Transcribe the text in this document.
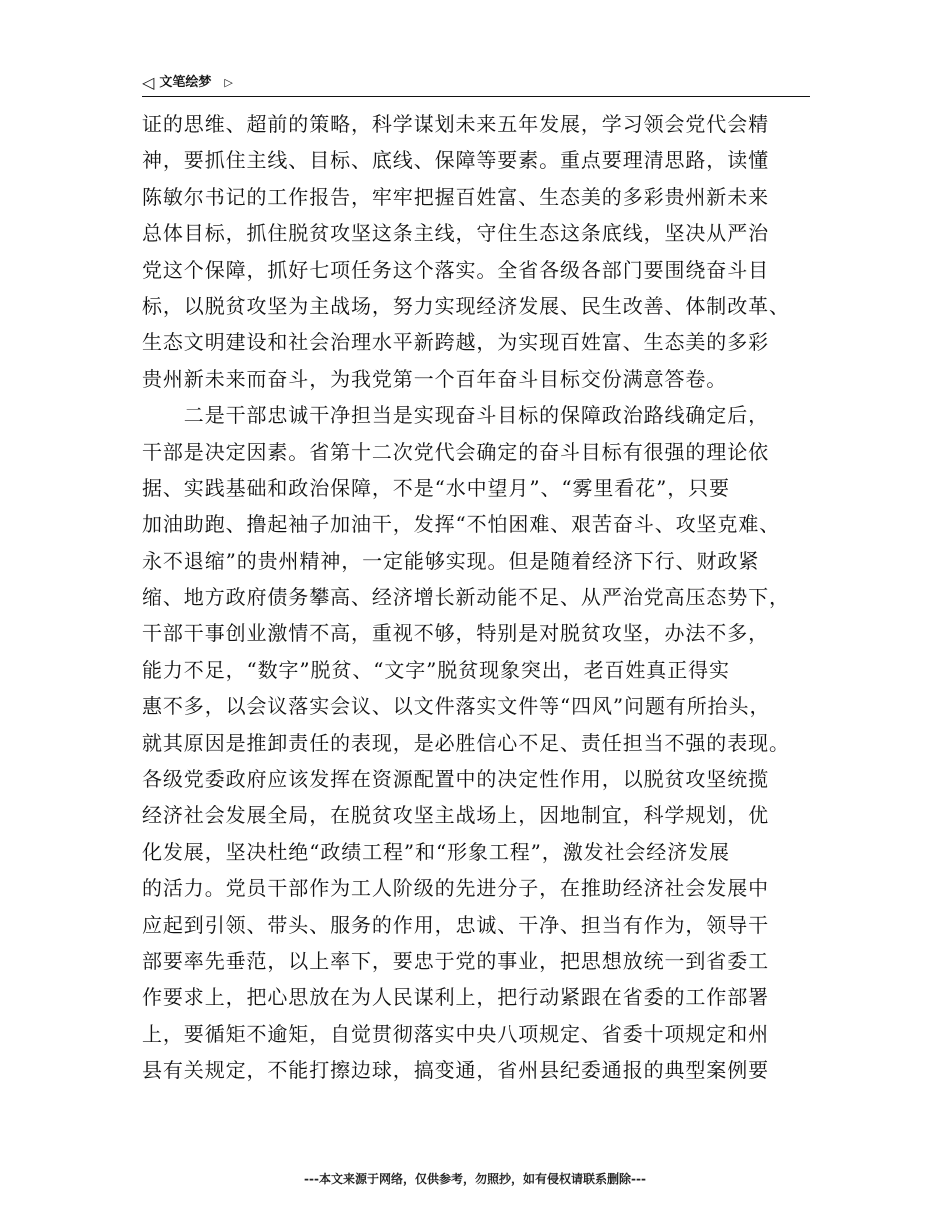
◁ 文笔绘梦 ▷
证的思维、超前的策略，科学谋划未来五年发展，学习领会党代会精
神，要抓住主线、目标、底线、保障等要素。重点要理清思路，读懂
陈敏尔书记的工作报告，牢牢把握百姓富、生态美的多彩贵州新未来
总体目标，抓住脱贫攻坚这条主线，守住生态这条底线，坚决从严治
党这个保障，抓好七项任务这个落实。全省各级各部门要围绕奋斗目
标，以脱贫攻坚为主战场，努力实现经济发展、民生改善、体制改革、
生态文明建设和社会治理水平新跨越，为实现百姓富、生态美的多彩
贵州新未来而奋斗，为我党第一个百年奋斗目标交份满意答卷。
　　二是干部忠诚干净担当是实现奋斗目标的保障政治路线确定后，
干部是决定因素。省第十二次党代会确定的奋斗目标有很强的理论依
据、实践基础和政治保障，不是“水中望月”、“雾里看花”，只要
加油助跑、撸起袖子加油干，发挥“不怕困难、艰苦奋斗、攻坚克难、
永不退缩”的贵州精神，一定能够实现。但是随着经济下行、财政紧
缩、地方政府债务攀高、经济增长新动能不足、从严治党高压态势下，
干部干事创业激情不高，重视不够，特别是对脱贫攻坚，办法不多，
能力不足，“数字”脱贫、“文字”脱贫现象突出，老百姓真正得实
惠不多，以会议落实会议、以文件落实文件等“四风”问题有所抬头，
就其原因是推卸责任的表现，是必胜信心不足、责任担当不强的表现。
各级党委政府应该发挥在资源配置中的决定性作用，以脱贫攻坚统揽
经济社会发展全局，在脱贫攻坚主战场上，因地制宜，科学规划，优
化发展，坚决杜绝“政绩工程”和“形象工程”，激发社会经济发展
的活力。党员干部作为工人阶级的先进分子，在推助经济社会发展中
应起到引领、带头、服务的作用，忠诚、干净、担当有作为，领导干
部要率先垂范，以上率下，要忠于党的事业，把思想放统一到省委工
作要求上，把心思放在为人民谋利上，把行动紧跟在省委的工作部署
上，要循矩不逾矩，自觉贯彻落实中央八项规定、省委十项规定和州
县有关规定，不能打擦边球，搞变通，省州县纪委通报的典型案例要
---本文来源于网络，仅供参考，勿照抄，如有侵权请联系删除---
